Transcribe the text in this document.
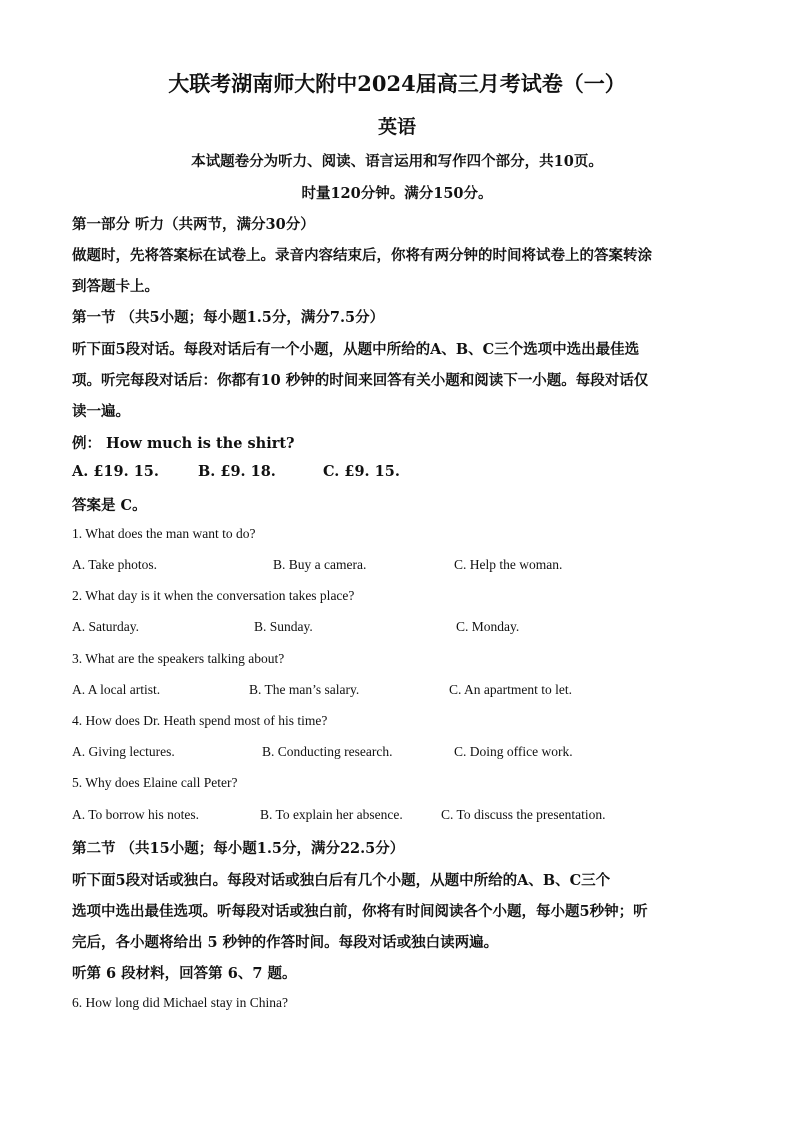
大联考湖南师大附中2024届高三月考试卷（一）
英语
本试题卷分为听力、阅读、语言运用和写作四个部分，共10页。
时量120分钟。满分150分。
第一部分 听力（共两节，满分30分）
做题时，先将答案标在试卷上。录音内容结束后，你将有两分钟的时间将试卷上的答案转涂
到答题卡上。
第一节 （共5小题；每小题1.5分，满分7.5分）
听下面5段对话。每段对话后有一个小题，从题中所给的A、B、C三个选项中选出最佳选
项。听完每段对话后：你都有10 秒钟的时间来回答有关小题和阅读下一小题。每段对话仅
读一遍。
例： How much is the shirt?
A. £19. 15.	B. £9. 18.	C. £9. 15.
答案是 C。
1. What does the man want to do?
A. Take photos.	B. Buy a camera.	C. Help the woman.
2. What day is it when the conversation takes place?
A. Saturday.	B. Sunday.	C. Monday.
3. What are the speakers talking about?
A. A local artist.	B. The man’s salary.	C. An apartment to let.
4. How does Dr. Heath spend most of his time?
A. Giving lectures.	B. Conducting research.	C. Doing office work.
5. Why does Elaine call Peter?
A. To borrow his notes.	B. To explain her absence.	C. To discuss the presentation.
第二节 （共15小题；每小题1.5分，满分22.5分）
听下面5段对话或独白。每段对话或独白后有几个小题，从题中所给的A、B、C三个
选项中选出最佳选项。听每段对话或独白前，你将有时间阅读各个小题，每小题5秒钟；听
完后，各小题将给出 5 秒钟的作答时间。每段对话或独白读两遍。
听第 6 段材料，回答第 6、7 题。
6. How long did Michael stay in China?
